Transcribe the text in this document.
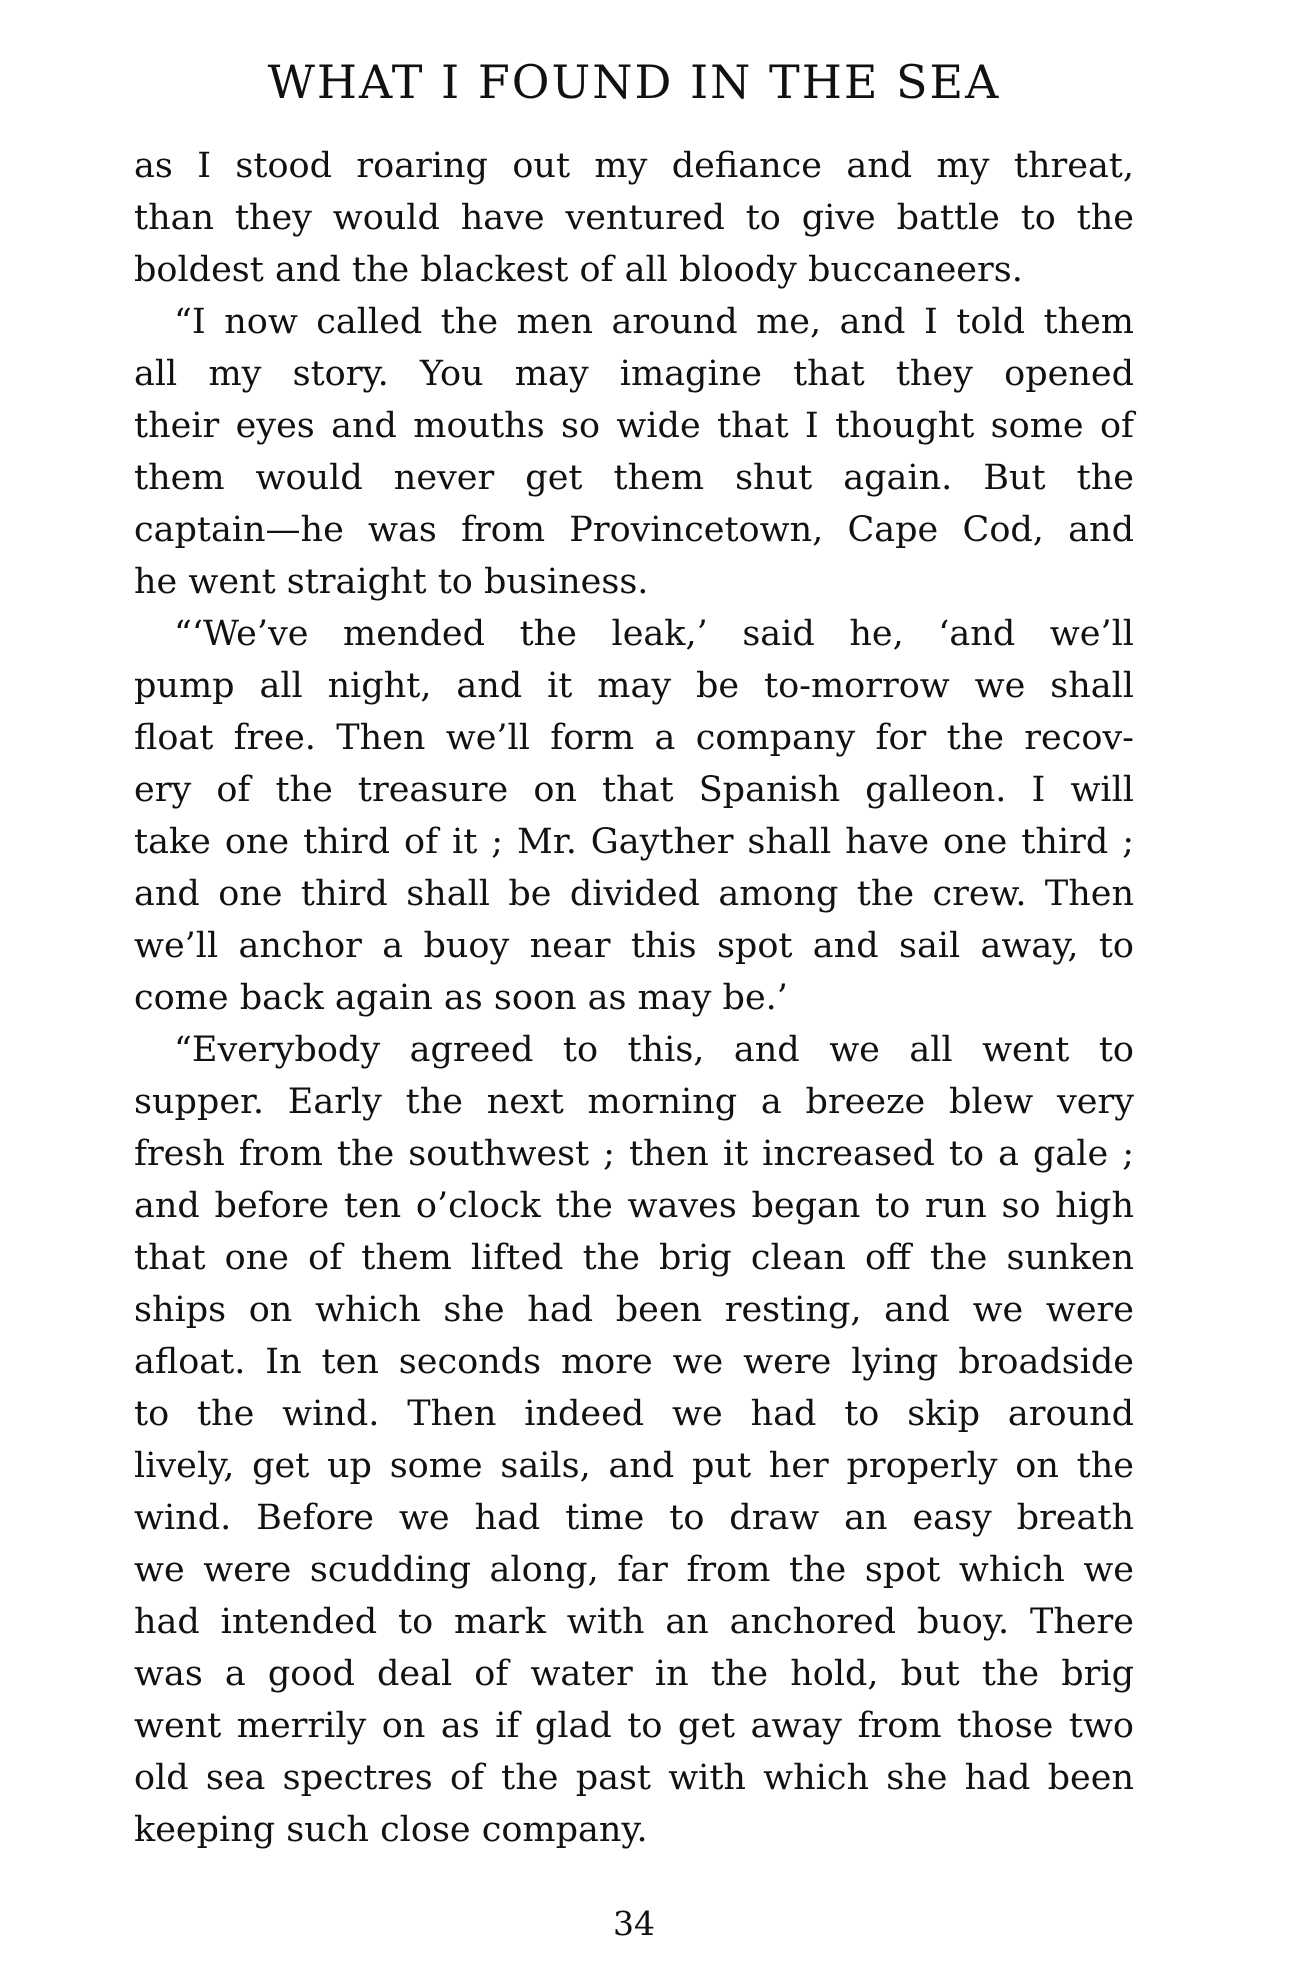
WHAT I FOUND IN THE SEA
as I stood roaring out my defiance and my threat,
than they would have ventured to give battle to the
boldest and the blackest of all bloody buccaneers.
“I now called the men around me, and I told them
all my story. You may imagine that they opened
their eyes and mouths so wide that I thought some of
them would never get them shut again. But the
captain—he was from Provincetown, Cape Cod, and
he went straight to business.
“‘We’ve mended the leak,’ said he, ‘and we’ll
pump all night, and it may be to-morrow we shall
float free. Then we’ll form a company for the recov-
ery of the treasure on that Spanish galleon. I will
take one third of it ; Mr. Gayther shall have one third ;
and one third shall be divided among the crew. Then
we’ll anchor a buoy near this spot and sail away, to
come back again as soon as may be.’
“Everybody agreed to this, and we all went to
supper. Early the next morning a breeze blew very
fresh from the southwest ; then it increased to a gale ;
and before ten o’clock the waves began to run so high
that one of them lifted the brig clean off the sunken
ships on which she had been resting, and we were
afloat. In ten seconds more we were lying broadside
to the wind. Then indeed we had to skip around
lively, get up some sails, and put her properly on the
wind. Before we had time to draw an easy breath
we were scudding along, far from the spot which we
had intended to mark with an anchored buoy. There
was a good deal of water in the hold, but the brig
went merrily on as if glad to get away from those two
old sea spectres of the past with which she had been
keeping such close company.
34
